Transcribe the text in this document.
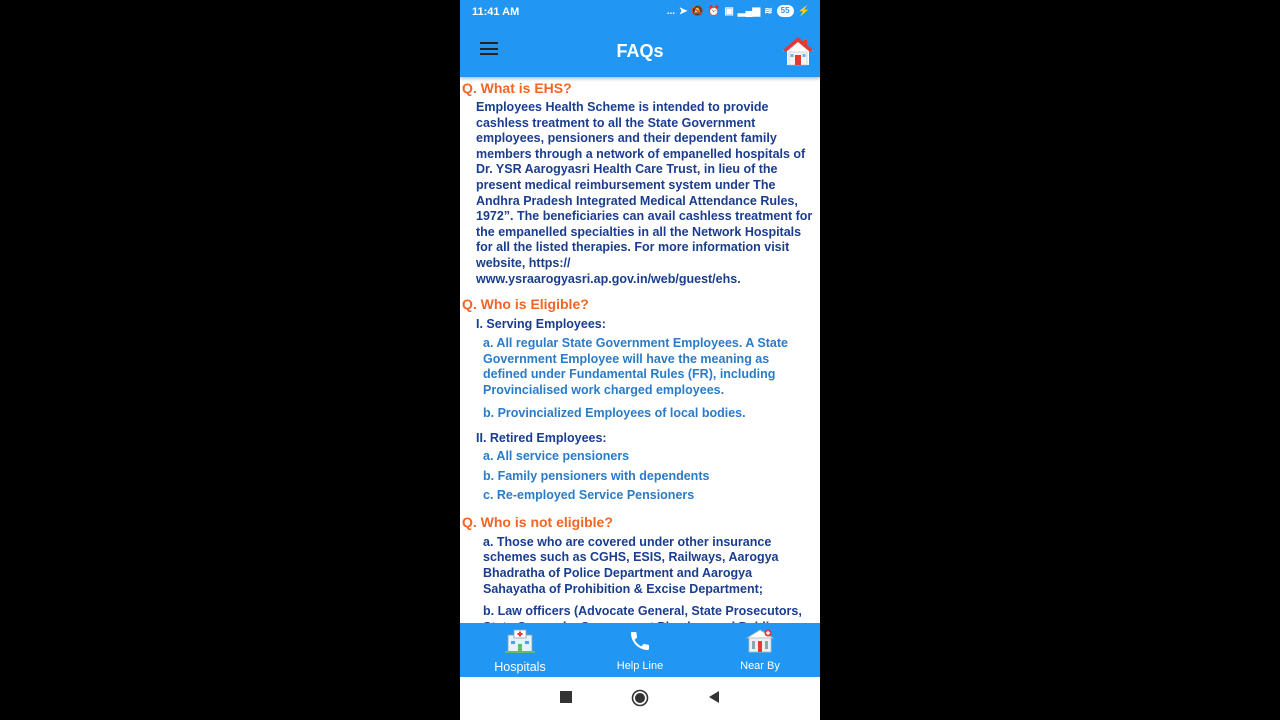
11:41 AM	... ➤ 🔕 ⏰ ▣ ▂▄▆ ≋	55 ⚡
FAQs
Q. What is EHS?
Employees Health Scheme is intended to provide cashless treatment to all the State Government employees, pensioners and their dependent family members through a network of empanelled hospitals of Dr. YSR Aarogyasri Health Care Trust, in lieu of the present medical reimbursement system under The Andhra Pradesh Integrated Medical Attendance Rules, 1972”. The beneficiaries can avail cashless treatment for the empanelled specialties in all the Network Hospitals for all the listed therapies. For more information visit website, https:// www.ysraarogyasri.ap.gov.in/web/guest/ehs.
Q. Who is Eligible?
I. Serving Employees:
a. All regular State Government Employees. A State Government Employee will have the meaning as defined under Fundamental Rules (FR), including Provincialised work charged employees.
b. Provincialized Employees of local bodies.
II. Retired Employees:
a. All service pensioners
b. Family pensioners with dependents
c. Re-employed Service Pensioners
Q. Who is not eligible?
a. Those who are covered under other insurance schemes such as CGHS, ESIS, Railways, Aarogya Bhadratha of Police Department and Aarogya Sahayatha of Prohibition & Excise Department;
b. Law officers (Advocate General, State Prosecutors,
Hospitals	Help Line	Near By
